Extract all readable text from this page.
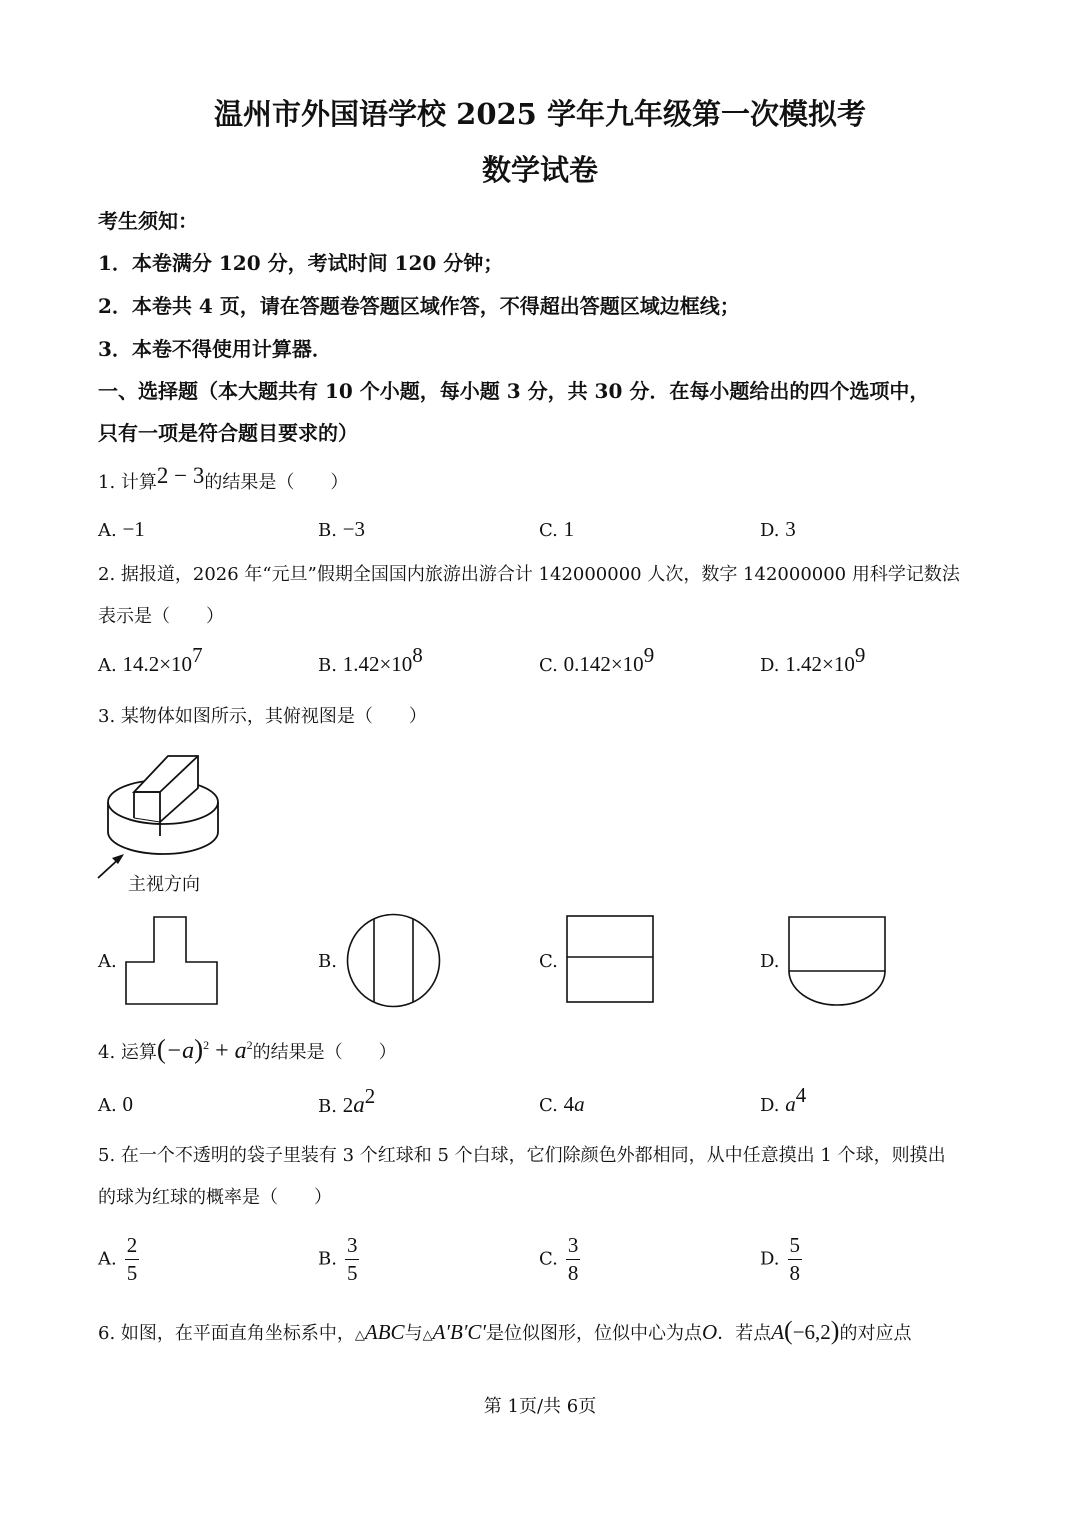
温州市外国语学校 2025 学年九年级第一次模拟考
数学试卷
考生须知：
1．本卷满分 120 分，考试时间 120 分钟；
2．本卷共 4 页，请在答题卷答题区域作答，不得超出答题区域边框线；
3．本卷不得使用计算器．
一、选择题（本大题共有 10 个小题，每小题 3 分，共 30 分．在每小题给出的四个选项中，
只有一项是符合题目要求的）
1. 计算2 − 3的结果是（　　）
A. −1	B. −3	C. 1	D. 3
2. 据报道，2026 年“元旦”假期全国国内旅游出游合计 142000000 人次，数字 142000000 用科学记数法
表示是（　　）
A. $14.2\times 10^7$	B. $1.42\times 10^8$	C. $0.142\times 10^9$	D. $1.42\times 10^9$
3. 某物体如图所示，其俯视图是（　　）
主视方向
A.	B.	C.	D.
4. 运算$(-a)^2 + a^2$的结果是（　　）
A. 0	B. $2a^2$	C. 4a	D. $a^4$
5. 在一个不透明的袋子里装有 3 个红球和 5 个白球，它们除颜色外都相同，从中任意摸出 1 个球，则摸出
的球为红球的概率是（　　）
A. $\frac{2}{5}$	B. $\frac{3}{5}$	C. $\frac{3}{8}$	D. $\frac{5}{8}$
6. 如图，在平面直角坐标系中，△ABC与△A′B′C′是位似图形，位似中心为点O．若点A(−6,2)的对应点
第 1页/共 6页
